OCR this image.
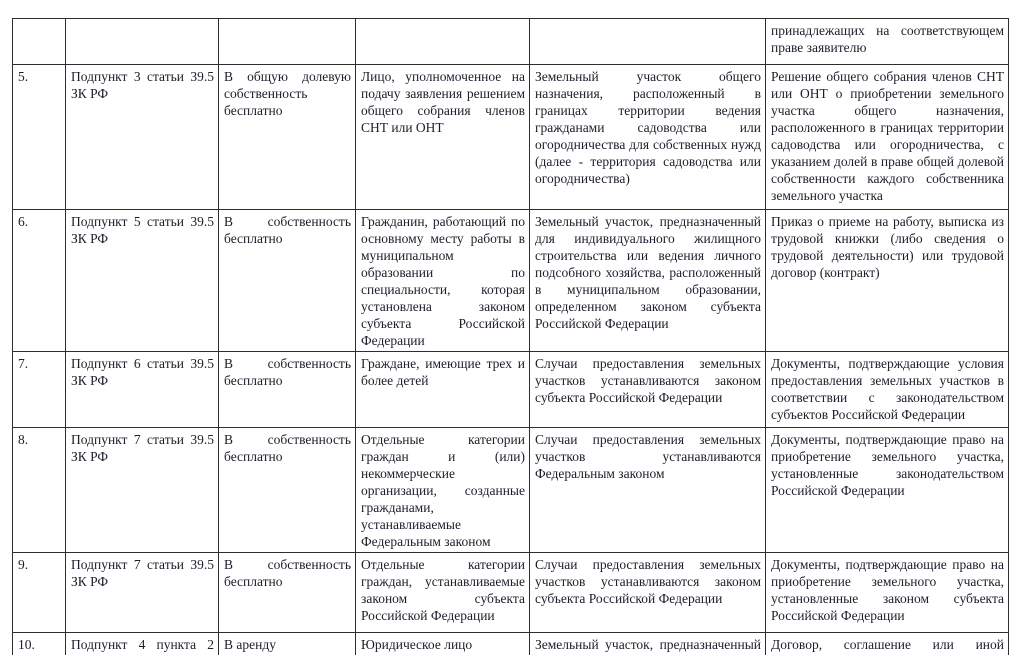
					принадлежащих на соответствующем праве заявителю
5.	Подпункт 3 статьи 39.5 ЗК РФ	В общую долевую собственность бесплатно	Лицо, уполномоченное на подачу заявления решением общего собрания членов СНТ или ОНТ	Земельный участок общего назначения, расположенный в границах территории ведения гражданами садоводства или огородничества для собственных нужд (далее - территория садоводства или огородничества)	Решение общего собрания членов СНТ или ОНТ о приобретении земельного участка общего назначения, расположенного в границах территории садоводства или огородничества, с указанием долей в праве общей долевой собственности каждого собственника земельного участка
6.	Подпункт 5 статьи 39.5 ЗК РФ	В собственность бесплатно	Гражданин, работающий по основному месту работы в муниципальном образовании по специальности, которая установлена законом субъекта Российской Федерации	Земельный участок, предназначенный для индивидуального жилищного строительства или ведения личного подсобного хозяйства, расположенный в муниципальном образовании, определенном законом субъекта Российской Федерации	Приказ о приеме на работу, выписка из трудовой книжки (либо сведения о трудовой деятельности) или трудовой договор (контракт)
7.	Подпункт 6 статьи 39.5 ЗК РФ	В собственность бесплатно	Граждане, имеющие трех и более детей	Случаи предоставления земельных участков устанавливаются законом субъекта Российской Федерации	Документы, подтверждающие условия предоставления земельных участков в соответствии с законодательством субъектов Российской Федерации
8.	Подпункт 7 статьи 39.5 ЗК РФ	В собственность бесплатно	Отдельные категории граждан и (или) некоммерческие организации, созданные гражданами, устанавливаемые Федеральным законом	Случаи предоставления земельных участков устанавливаются Федеральным законом	Документы, подтверждающие право на приобретение земельного участка, установленные законодательством Российской Федерации
9.	Подпункт 7 статьи 39.5 ЗК РФ	В собственность бесплатно	Отдельные категории граждан, устанавливаемые законом субъекта Российской Федерации	Случаи предоставления земельных участков устанавливаются законом субъекта Российской Федерации	Документы, подтверждающие право на приобретение земельного участка, установленные законом субъекта Российской Федерации
10.	Подпункт 4 пункта 2	В аренду	Юридическое лицо	Земельный участок, предназначенный	Договор, соглашение или иной
